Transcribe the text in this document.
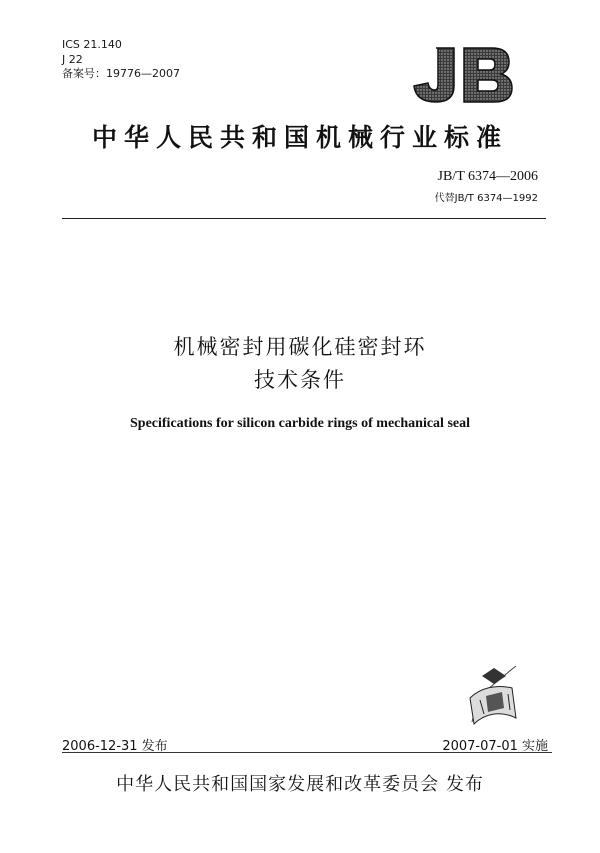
ICS 21.140
J 22
备案号：19776—2007
中华人民共和国机械行业标准
JB/T 6374—2006
代替JB/T 6374—1992
机械密封用碳化硅密封环
技术条件
Specifications for silicon carbide rings of mechanical seal
2006-12-31 发布	2007-07-01 实施
中华人民共和国国家发展和改革委员会 发布
